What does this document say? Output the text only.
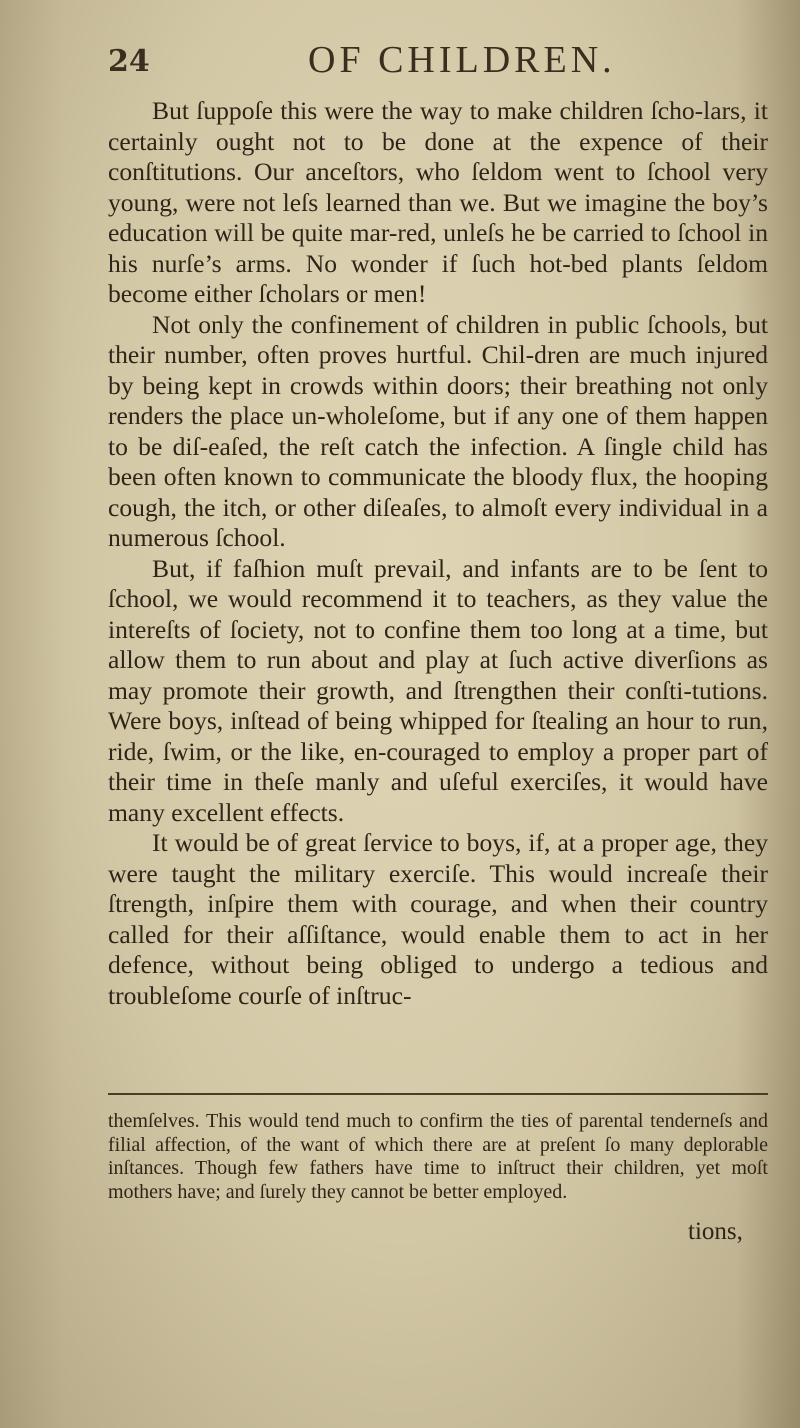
24	OF CHILDREN.

But ſuppoſe this were the way to make children ſcho-lars, it certainly ought not to be done at the expence of their conſtitutions. Our anceſtors, who ſeldom went to ſchool very young, were not leſs learned than we. But we imagine the boy’s education will be quite mar-red, unleſs he be carried to ſchool in his nurſe’s arms. No wonder if ſuch hot-bed plants ſeldom become either ſcholars or men!

Not only the confinement of children in public ſchools, but their number, often proves hurtful. Chil-dren are much injured by being kept in crowds within doors; their breathing not only renders the place un-wholeſome, but if any one of them happen to be diſ-eaſed, the reſt catch the infection. A ſingle child has been often known to communicate the bloody flux, the hooping cough, the itch, or other diſeaſes, to almoſt every individual in a numerous ſchool.

But, if faſhion muſt prevail, and infants are to be ſent to ſchool, we would recommend it to teachers, as they value the intereſts of ſociety, not to confine them too long at a time, but allow them to run about and play at ſuch active diverſions as may promote their growth, and ſtrengthen their conſti-tutions. Were boys, inſtead of being whipped for ſtealing an hour to run, ride, ſwim, or the like, en-couraged to employ a proper part of their time in theſe manly and uſeful exerciſes, it would have many excellent effects.

It would be of great ſervice to boys, if, at a proper age, they were taught the military exerciſe. This would increaſe their ſtrength, inſpire them with courage, and when their country called for their aſſiſtance, would enable them to act in her defence, without being obliged to undergo a tedious and troubleſome courſe of inſtruc-

themſelves. This would tend much to confirm the ties of parental tenderneſs and filial affection, of the want of which there are at preſent ſo many deplorable inſtances. Though few fathers have time to inſtruct their children, yet moſt mothers have; and ſurely they cannot be better employed.

tions,
